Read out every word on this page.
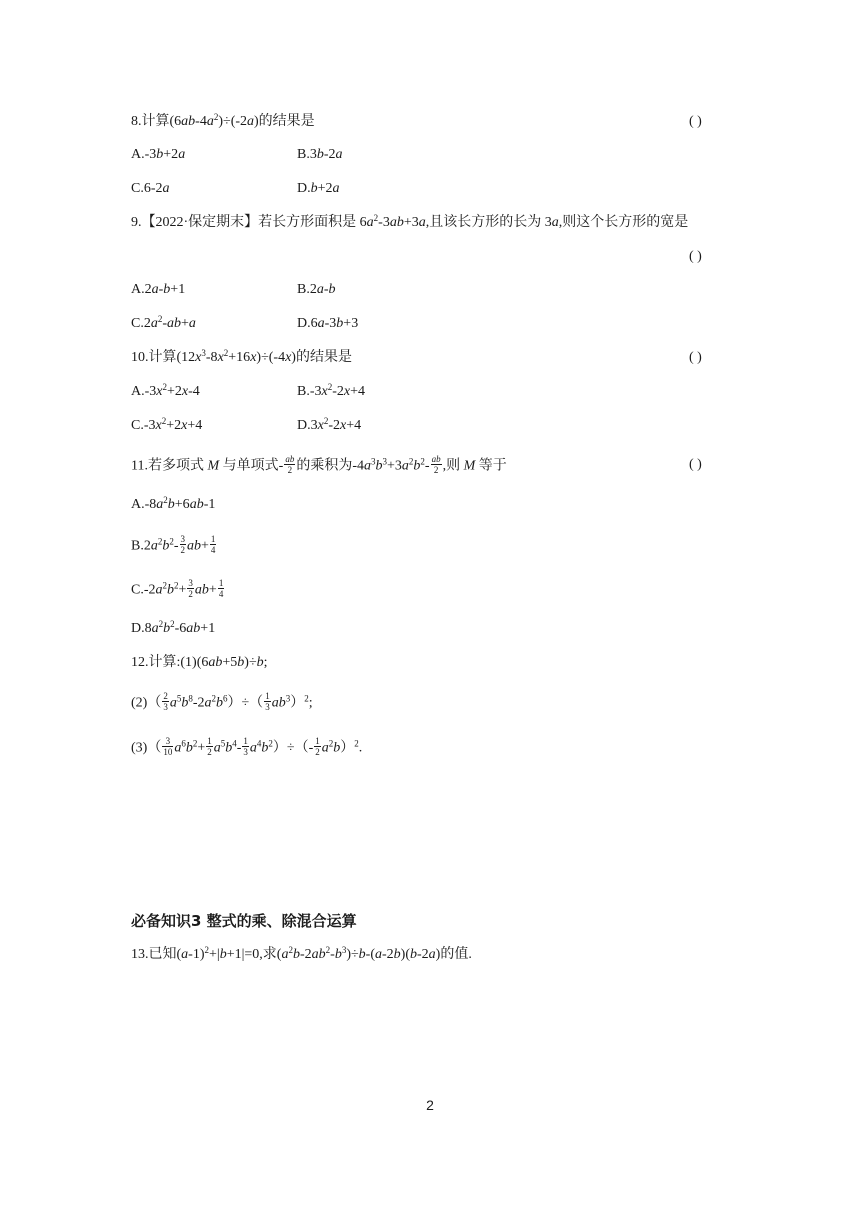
8.计算$(6ab-4a^2)\div(-2a)$的结果是	( )
A.-3b+2a	B.3b-2a
C.6-2a	D.b+2a
9.【2022·保定期末】若长方形面积是 $6a^2-3ab+3a$,且该长方形的长为 3a,则这个长方形的宽是
( )
A.2a-b+1	B.2a-b
$C.2a^2-ab+a$	D.6a-3b+3
10.计算$(12x^3-8x^2+16x)\div(-4x)$的结果是	( )
$A.-3x^2+2x-4$	$B.-3x^2-2x+4$
$C.-3x^2+2x+4$	$D.3x^2-2x+4$
11.若多项式 M 与单项式- $\frac{ab}{2}$ 的乘积为$-4a^3b^3+3a^2b^2- \frac{ab}{2}$ ,则 M 等于	( )
$A.-8a^2b+6ab-1$
$B.2a^2b^2- \frac{3}{2} ab+ \frac{1}{4}$
$C.-2a^2b^2+ \frac{3}{2} ab+ \frac{1}{4}$
$D.8a^2b^2-6ab+1$
12.计算:(1)(6ab+5b)÷b;
$(2)( \frac{2}{3} a^5b^8-2a^2b^6)\div( \frac{1}{3} ab^3)^2$;
$(3)( \frac{3}{10} a^6b^2+ \frac{1}{2} a^5b^4- \frac{1}{3} a^4b^2)\div(- \frac{1}{2} a^2b)^2$.
必备知识3 整式的乘、除混合运算
13.已知$(a-1)^2+|b+1|=0$,求$(a^2b-2ab^2-b^3)\div b-(a-2b)(b-2a)$的值.
2
